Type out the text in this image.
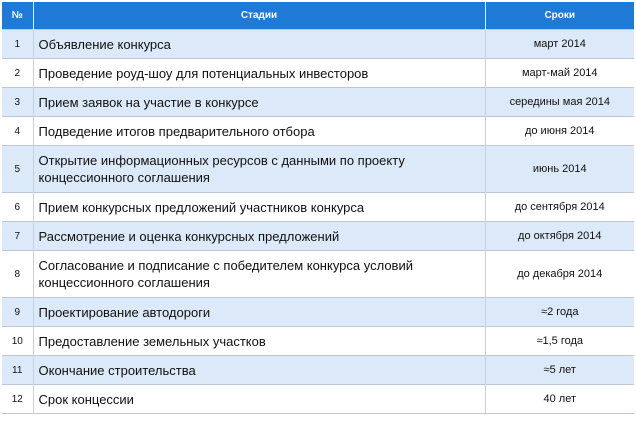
№	Стадии	Сроки
1	Объявление конкурса	март 2014
2	Проведение роуд-шоу для потенциальных инвесторов	март-май 2014
3	Прием заявок на участие в конкурсе	середины мая 2014
4	Подведение итогов предварительного отбора	до июня 2014
5	Открытие информационных ресурсов с данными по проекту концессионного соглашения	июнь 2014
6	Прием конкурсных предложений участников конкурса	до сентября 2014
7	Рассмотрение и оценка конкурсных предложений	до октября 2014
8	Согласование и подписание с победителем конкурса условий концессионного соглашения	до декабря 2014
9	Проектирование автодороги	≈2 года
10	Предоставление земельных участков	≈1,5 года
11	Окончание строительства	≈5 лет
12	Срок концессии	40 лет
